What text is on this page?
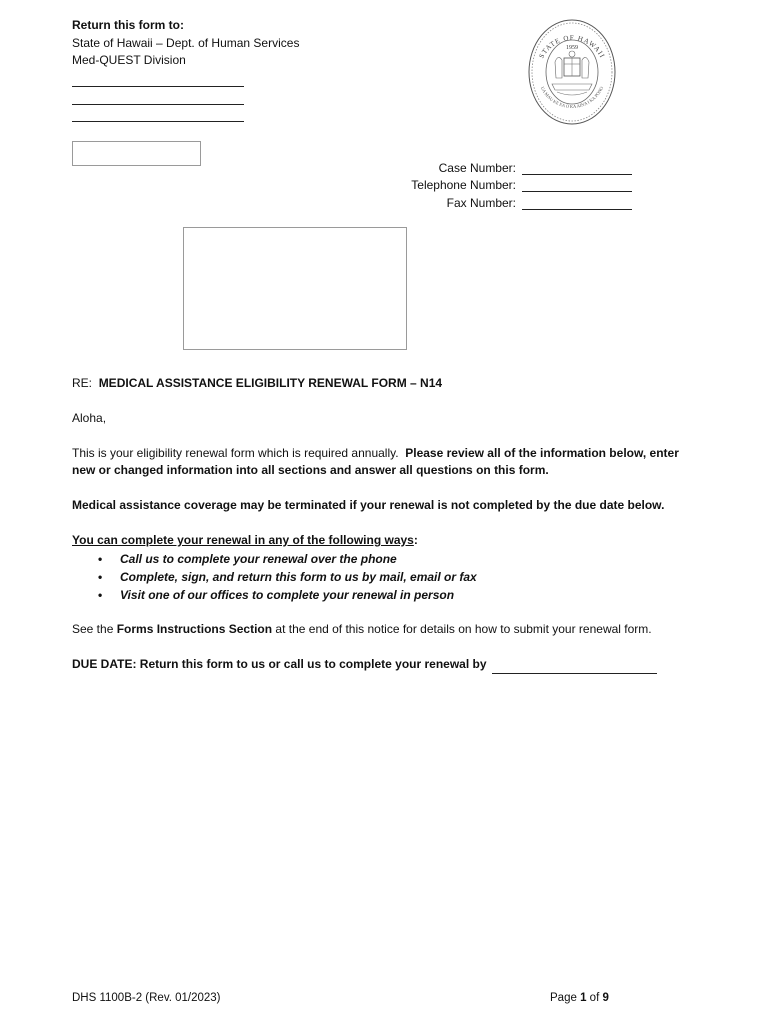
Return this form to:
State of Hawaii – Dept. of Human Services
Med-QUEST Division	STATE OF HAWAII
UA MAU KE EA O KA AINA I KA PONO
1959
Case Number:
Telephone Number:
Fax Number:
RE: MEDICAL ASSISTANCE ELIGIBILITY RENEWAL FORM – N14
Aloha,
This is your eligibility renewal form which is required annually. Please review all of the information below, enter
new or changed information into all sections and answer all questions on this form.
Medical assistance coverage may be terminated if your renewal is not completed by the due date below.
You can complete your renewal in any of the following ways:
• Call us to complete your renewal over the phone
• Complete, sign, and return this form to us by mail, email or fax
• Visit one of our offices to complete your renewal in person
See the Forms Instructions Section at the end of this notice for details on how to submit your renewal form.
DUE DATE: Return this form to us or call us to complete your renewal by
DHS 1100B-2 (Rev. 01/2023)	Page 1 of 9
